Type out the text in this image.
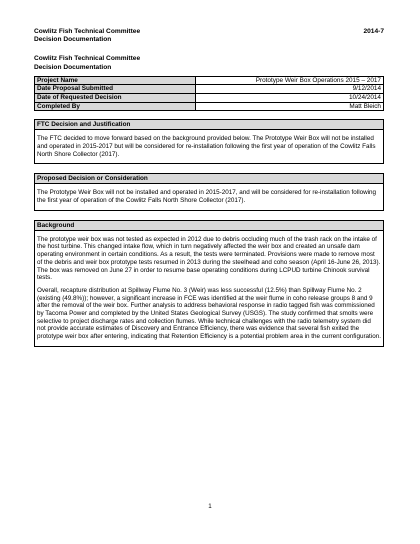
Cowlitz Fish Technical Committee	2014-7
Decision Documentation
Cowlitz Fish Technical Committee
Decision Documentation
Project Name	Prototype Weir Box Operations 2015 – 2017
Date Proposal Submitted	9/12/2014
Date of Requested Decision	10/24/2014
Completed By	Matt Bleich
FTC Decision and Justification

The FTC decided to move forward based on the background provided below. The Prototype Weir Box will not be installed and operated in 2015-2017 but will be considered for re-installation following the first year of operation of the Cowlitz Falls North Shore Collector (2017).

Proposed Decision or Consideration

The Prototype Weir Box will not be installed and operated in 2015-2017, and will be considered for re-installation following the first year of operation of the Cowlitz Falls North Shore Collector (2017).

Background

The prototype weir box was not tested as expected in 2012 due to debris occluding much of the trash rack on the intake of the host turbine. This changed intake flow, which in turn negatively affected the weir box and created an unsafe dam operating environment in certain conditions. As a result, the tests were terminated. Provisions were made to remove most of the debris and weir box prototype tests resumed in 2013 during the steelhead and coho season (April 16-June 26, 2013). The box was removed on June 27 in order to resume base operating conditions during LCPUD turbine Chinook survival tests.

Overall, recapture distribution at Spillway Flume No. 3 (Weir) was less successful (12.5%) than Spillway Flume No. 2 (existing (49.8%)); however, a significant increase in FCE was identified at the weir flume in coho release groups 8 and 9 after the removal of the weir box. Further analysis to address behavioral response in radio tagged fish was commissioned by Tacoma Power and completed by the United States Geological Survey (USGS). The study confirmed that smolts were selective to project discharge rates and collection flumes. While technical challenges with the radio telemetry system did not provide accurate estimates of Discovery and Entrance Efficiency, there was evidence that several fish exited the prototype weir box after entering, indicating that Retention Efficiency is a potential problem area in the current configuration.

1
